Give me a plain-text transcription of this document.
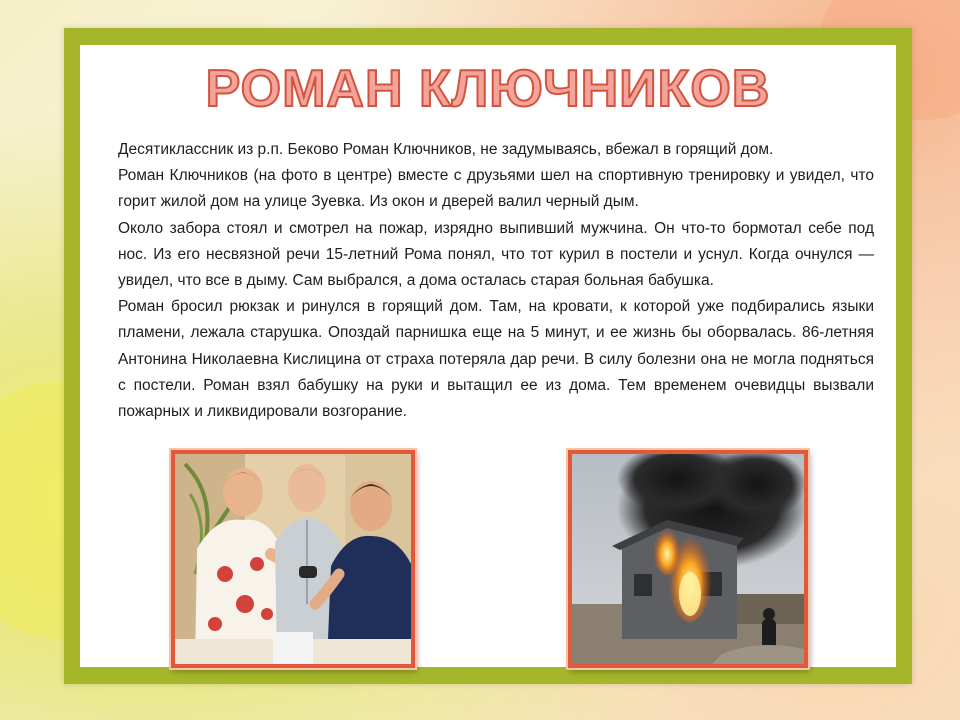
РОМАН КЛЮЧНИКОВ

Десятиклассник из р.п. Беково Роман Ключников, не задумываясь, вбежал в горящий дом.

Роман Ключников (на фото в центре) вместе с друзьями шел на спортивную тренировку и увидел, что горит жилой дом на улице Зуевка. Из окон и дверей валил черный дым.

Около забора стоял и смотрел на пожар, изрядно выпивший мужчина. Он что-то бормотал себе под нос. Из его несвязной речи 15-летний Рома понял, что тот курил в постели и уснул. Когда очнулся — увидел, что все в дыму. Сам выбрался, а дома осталась старая больная бабушка.

Роман бросил рюкзак и ринулся в горящий дом. Там, на кровати, к которой уже подбирались языки пламени, лежала старушка. Опоздай парнишка еще на 5 минут, и ее жизнь бы оборвалась. 86-летняя Антонина Николаевна Кислицина от страха потеряла дар речи. В силу болезни она не могла подняться с постели. Роман взял бабушку на руки и вытащил ее из дома. Тем временем очевидцы вызвали пожарных и ликвидировали возгорание.
